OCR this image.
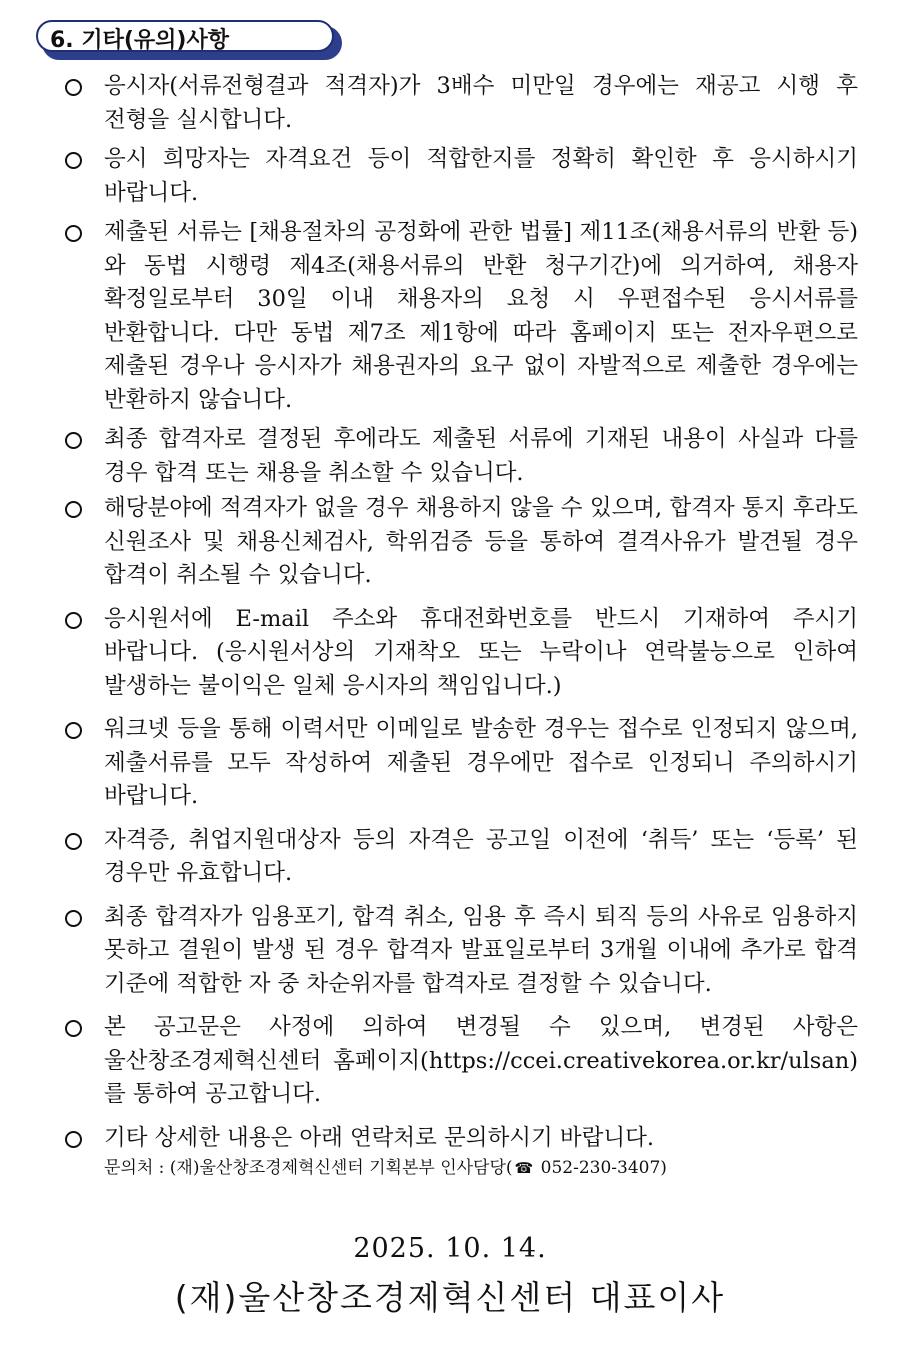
6. 기타(유의)사항
응시자(서류전형결과 적격자)가 3배수 미만일 경우에는 재공고 시행 후 전형을 실시합니다.
응시 희망자는 자격요건 등이 적합한지를 정확히 확인한 후 응시하시기 바랍니다.
제출된 서류는 [채용절차의 공정화에 관한 법률] 제11조(채용서류의 반환 등)와 동법 시행령 제4조(채용서류의 반환 청구기간)에 의거하여, 채용자 확정일로부터 30일 이내 채용자의 요청 시 우편접수된 응시서류를 반환합니다. 다만 동법 제7조 제1항에 따라 홈페이지 또는 전자우편으로 제출된 경우나 응시자가 채용권자의 요구 없이 자발적으로 제출한 경우에는 반환하지 않습니다.
최종 합격자로 결정된 후에라도 제출된 서류에 기재된 내용이 사실과 다를 경우 합격 또는 채용을 취소할 수 있습니다.
해당분야에 적격자가 없을 경우 채용하지 않을 수 있으며, 합격자 통지 후라도 신원조사 및 채용신체검사, 학위검증 등을 통하여 결격사유가 발견될 경우 합격이 취소될 수 있습니다.
응시원서에 E-mail 주소와 휴대전화번호를 반드시 기재하여 주시기 바랍니다. (응시원서상의 기재착오 또는 누락이나 연락불능으로 인하여 발생하는 불이익은 일체 응시자의 책임입니다.)
워크넷 등을 통해 이력서만 이메일로 발송한 경우는 접수로 인정되지 않으며, 제출서류를 모두 작성하여 제출된 경우에만 접수로 인정되니 주의하시기 바랍니다.
자격증, 취업지원대상자 등의 자격은 공고일 이전에 ‘취득’ 또는 ‘등록’ 된 경우만 유효합니다.
최종 합격자가 임용포기, 합격 취소, 임용 후 즉시 퇴직 등의 사유로 임용하지 못하고 결원이 발생 된 경우 합격자 발표일로부터 3개월 이내에 추가로 합격 기준에 적합한 자 중 차순위자를 합격자로 결정할 수 있습니다.
본 공고문은 사정에 의하여 변경될 수 있으며, 변경된 사항은 울산창조경제혁신센터 홈페이지(https://ccei.creativekorea.or.kr/ulsan)를 통하여 공고합니다.
기타 상세한 내용은 아래 연락처로 문의하시기 바랍니다.
문의처 : (재)울산창조경제혁신센터 기획본부 인사담당( ☎ 052-230-3407)
2025. 10. 14.
(재)울산창조경제혁신센터 대표이사
